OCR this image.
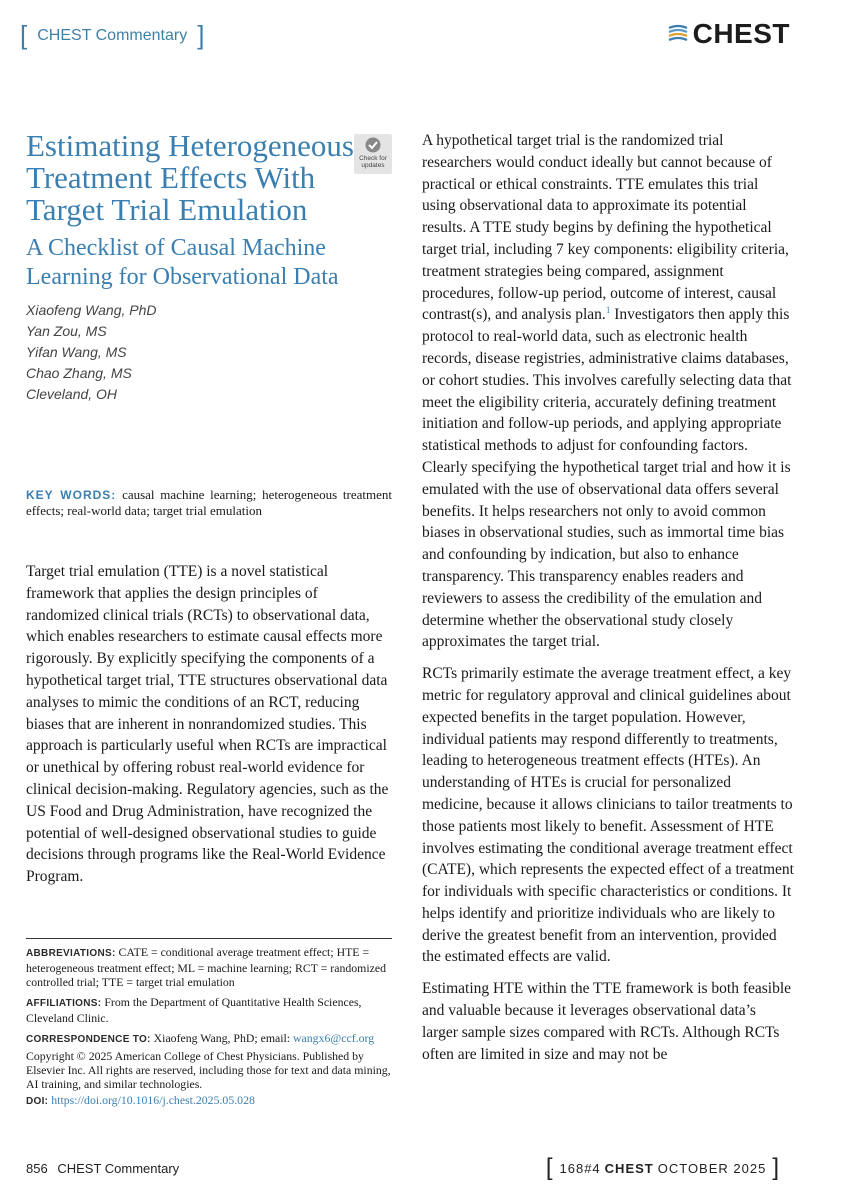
[ CHEST Commentary ]	CHEST
Estimating Heterogeneous Treatment Effects With Target Trial Emulation
A Checklist of Causal Machine Learning for Observational Data
Xiaofeng Wang, PhD
Yan Zou, MS
Yifan Wang, MS
Chao Zhang, MS
Cleveland, OH
Check for updates
KEY WORDS: causal machine learning; heterogeneous treatment effects; real-world data; target trial emulation
Target trial emulation (TTE) is a novel statistical framework that applies the design principles of randomized clinical trials (RCTs) to observational data, which enables researchers to estimate causal effects more rigorously. By explicitly specifying the components of a hypothetical target trial, TTE structures observational data analyses to mimic the conditions of an RCT, reducing biases that are inherent in nonrandomized studies. This approach is particularly useful when RCTs are impractical or unethical by offering robust real-world evidence for clinical decision-making. Regulatory agencies, such as the US Food and Drug Administration, have recognized the potential of well-designed observational studies to guide decisions through programs like the Real-World Evidence Program.

ABBREVIATIONS: CATE = conditional average treatment effect; HTE = heterogeneous treatment effect; ML = machine learning; RCT = randomized controlled trial; TTE = target trial emulation

AFFILIATIONS: From the Department of Quantitative Health Sciences, Cleveland Clinic.

CORRESPONDENCE TO: Xiaofeng Wang, PhD; email: wangx6@ccf.org

Copyright © 2025 American College of Chest Physicians. Published by Elsevier Inc. All rights are reserved, including those for text and data mining, AI training, and similar technologies.

DOI: https://doi.org/10.1016/j.chest.2025.05.028

A hypothetical target trial is the randomized trial researchers would conduct ideally but cannot because of practical or ethical constraints. TTE emulates this trial using observational data to approximate its potential results. A TTE study begins by defining the hypothetical target trial, including 7 key components: eligibility criteria, treatment strategies being compared, assignment procedures, follow-up period, outcome of interest, causal contrast(s), and analysis plan.$^1$ Investigators then apply this protocol to real-world data, such as electronic health records, disease registries, administrative claims databases, or cohort studies. This involves carefully selecting data that meet the eligibility criteria, accurately defining treatment initiation and follow-up periods, and applying appropriate statistical methods to adjust for confounding factors. Clearly specifying the hypothetical target trial and how it is emulated with the use of observational data offers several benefits. It helps researchers not only to avoid common biases in observational studies, such as immortal time bias and confounding by indication, but also to enhance transparency. This transparency enables readers and reviewers to assess the credibility of the emulation and determine whether the observational study closely approximates the target trial.
RCTs primarily estimate the average treatment effect, a key metric for regulatory approval and clinical guidelines about expected benefits in the target population. However, individual patients may respond differently to treatments, leading to heterogeneous treatment effects (HTEs). An understanding of HTEs is crucial for personalized medicine, because it allows clinicians to tailor treatments to those patients most likely to benefit. Assessment of HTE involves estimating the conditional average treatment effect (CATE), which represents the expected effect of a treatment for individuals with specific characteristics or conditions. It helps identify and prioritize individuals who are likely to derive the greatest benefit from an intervention, provided the estimated effects are valid.
Estimating HTE within the TTE framework is both feasible and valuable because it leverages observational data’s larger sample sizes compared with RCTs. Although RCTs often are limited in size and may not be
856 CHEST Commentary	[ 168#4 CHEST OCTOBER 2025 ]
